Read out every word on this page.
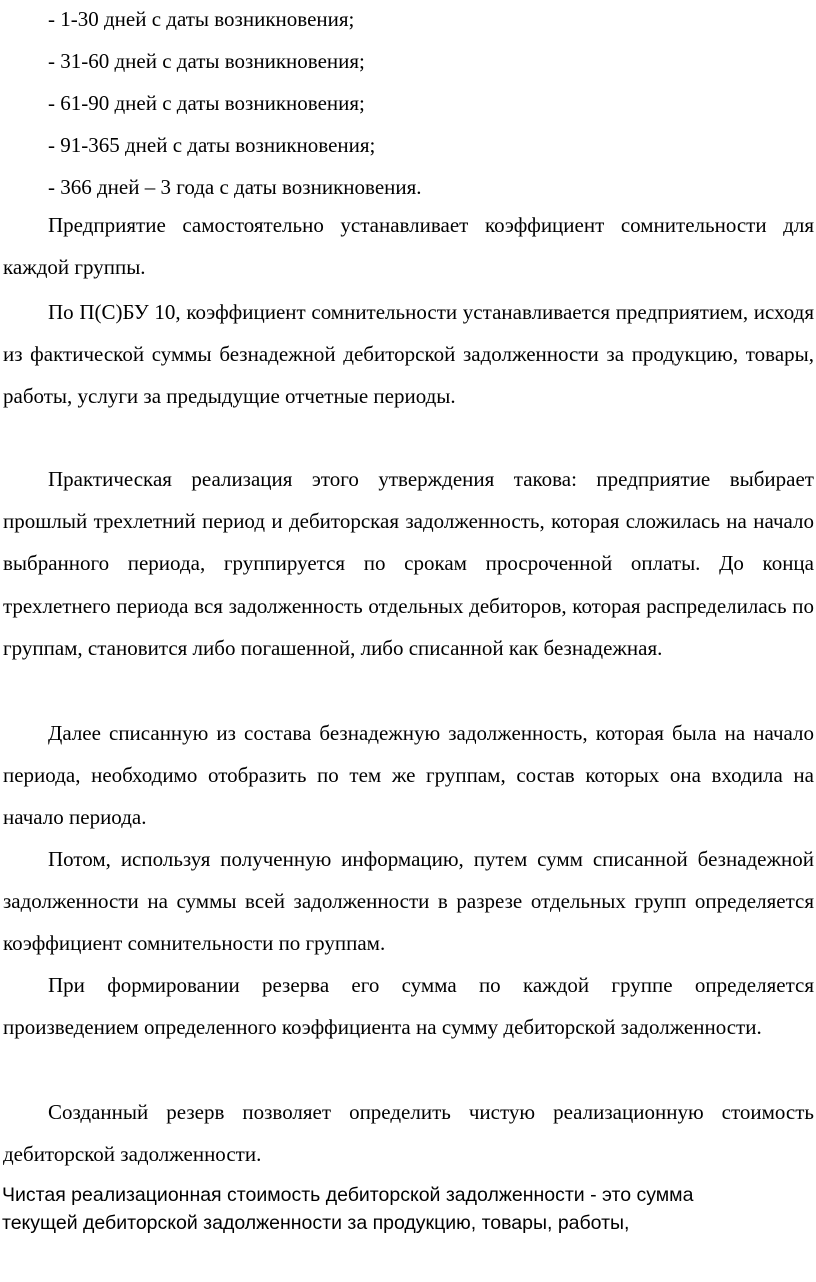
- 1-30 дней с даты возникновения;
- 31-60 дней с даты возникновения;
- 61-90 дней с даты возникновения;
- 91-365 дней с даты возникновения;
- 366 дней – 3 года с даты возникновения.

Предприятие самостоятельно устанавливает коэффициент сомнительности для каждой группы.

По П(С)БУ 10, коэффициент сомнительности устанавливается предприятием, исходя из фактической суммы безнадежной дебиторской задолженности за продукцию, товары, работы, услуги за предыдущие отчетные периоды.

Практическая реализация этого утверждения такова: предприятие выбирает прошлый трехлетний период и дебиторская задолженность, которая сложилась на начало выбранного периода, группируется по срокам просроченной оплаты. До конца трехлетнего периода вся задолженность отдельных дебиторов, которая распределилась по группам, становится либо погашенной, либо списанной как безнадежная.

Далее списанную из состава безнадежную задолженность, которая была на начало периода, необходимо отобразить по тем же группам, состав которых она входила на начало периода.

Потом, используя полученную информацию, путем сумм списанной безнадежной задолженности на суммы всей задолженности в разрезе отдельных групп определяется коэффициент сомнительности по группам.

При формировании резерва его сумма по каждой группе определяется произведением определенного коэффициента на сумму дебиторской задолженности.

Созданный резерв позволяет определить чистую реализационную стоимость дебиторской задолженности.

Чистая реализационная стоимость дебиторской задолженности - это сумма

текущей дебиторской задолженности за продукцию, товары, работы,
